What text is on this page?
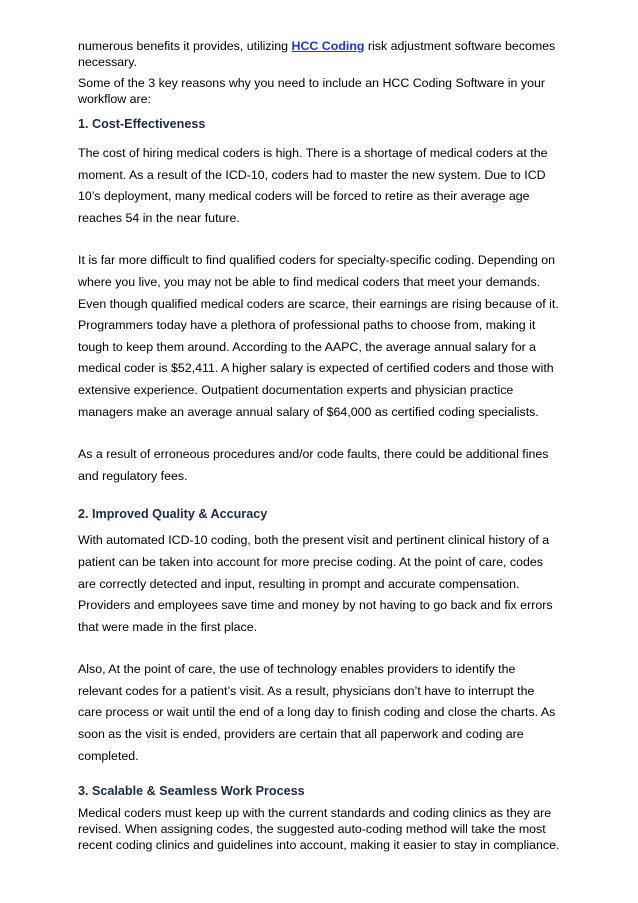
numerous benefits it provides, utilizing HCC Coding risk adjustment software becomes necessary.

Some of the 3 key reasons why you need to include an HCC Coding Software in your workflow are:

1. Cost-Effectiveness

The cost of hiring medical coders is high. There is a shortage of medical coders at the moment. As a result of the ICD-10, coders had to master the new system. Due to ICD 10’s deployment, many medical coders will be forced to retire as their average age reaches 54 in the near future.

It is far more difficult to find qualified coders for specialty-specific coding. Depending on where you live, you may not be able to find medical coders that meet your demands. Even though qualified medical coders are scarce, their earnings are rising because of it. Programmers today have a plethora of professional paths to choose from, making it tough to keep them around. According to the AAPC, the average annual salary for a medical coder is $52,411. A higher salary is expected of certified coders and those with extensive experience. Outpatient documentation experts and physician practice managers make an average annual salary of $64,000 as certified coding specialists.

As a result of erroneous procedures and/or code faults, there could be additional fines and regulatory fees.

2. Improved Quality & Accuracy

With automated ICD-10 coding, both the present visit and pertinent clinical history of a patient can be taken into account for more precise coding. At the point of care, codes are correctly detected and input, resulting in prompt and accurate compensation. Providers and employees save time and money by not having to go back and fix errors that were made in the first place.

Also, At the point of care, the use of technology enables providers to identify the relevant codes for a patient’s visit. As a result, physicians don’t have to interrupt the care process or wait until the end of a long day to finish coding and close the charts. As soon as the visit is ended, providers are certain that all paperwork and coding are completed.

3. Scalable & Seamless Work Process

Medical coders must keep up with the current standards and coding clinics as they are revised. When assigning codes, the suggested auto-coding method will take the most recent coding clinics and guidelines into account, making it easier to stay in compliance.
